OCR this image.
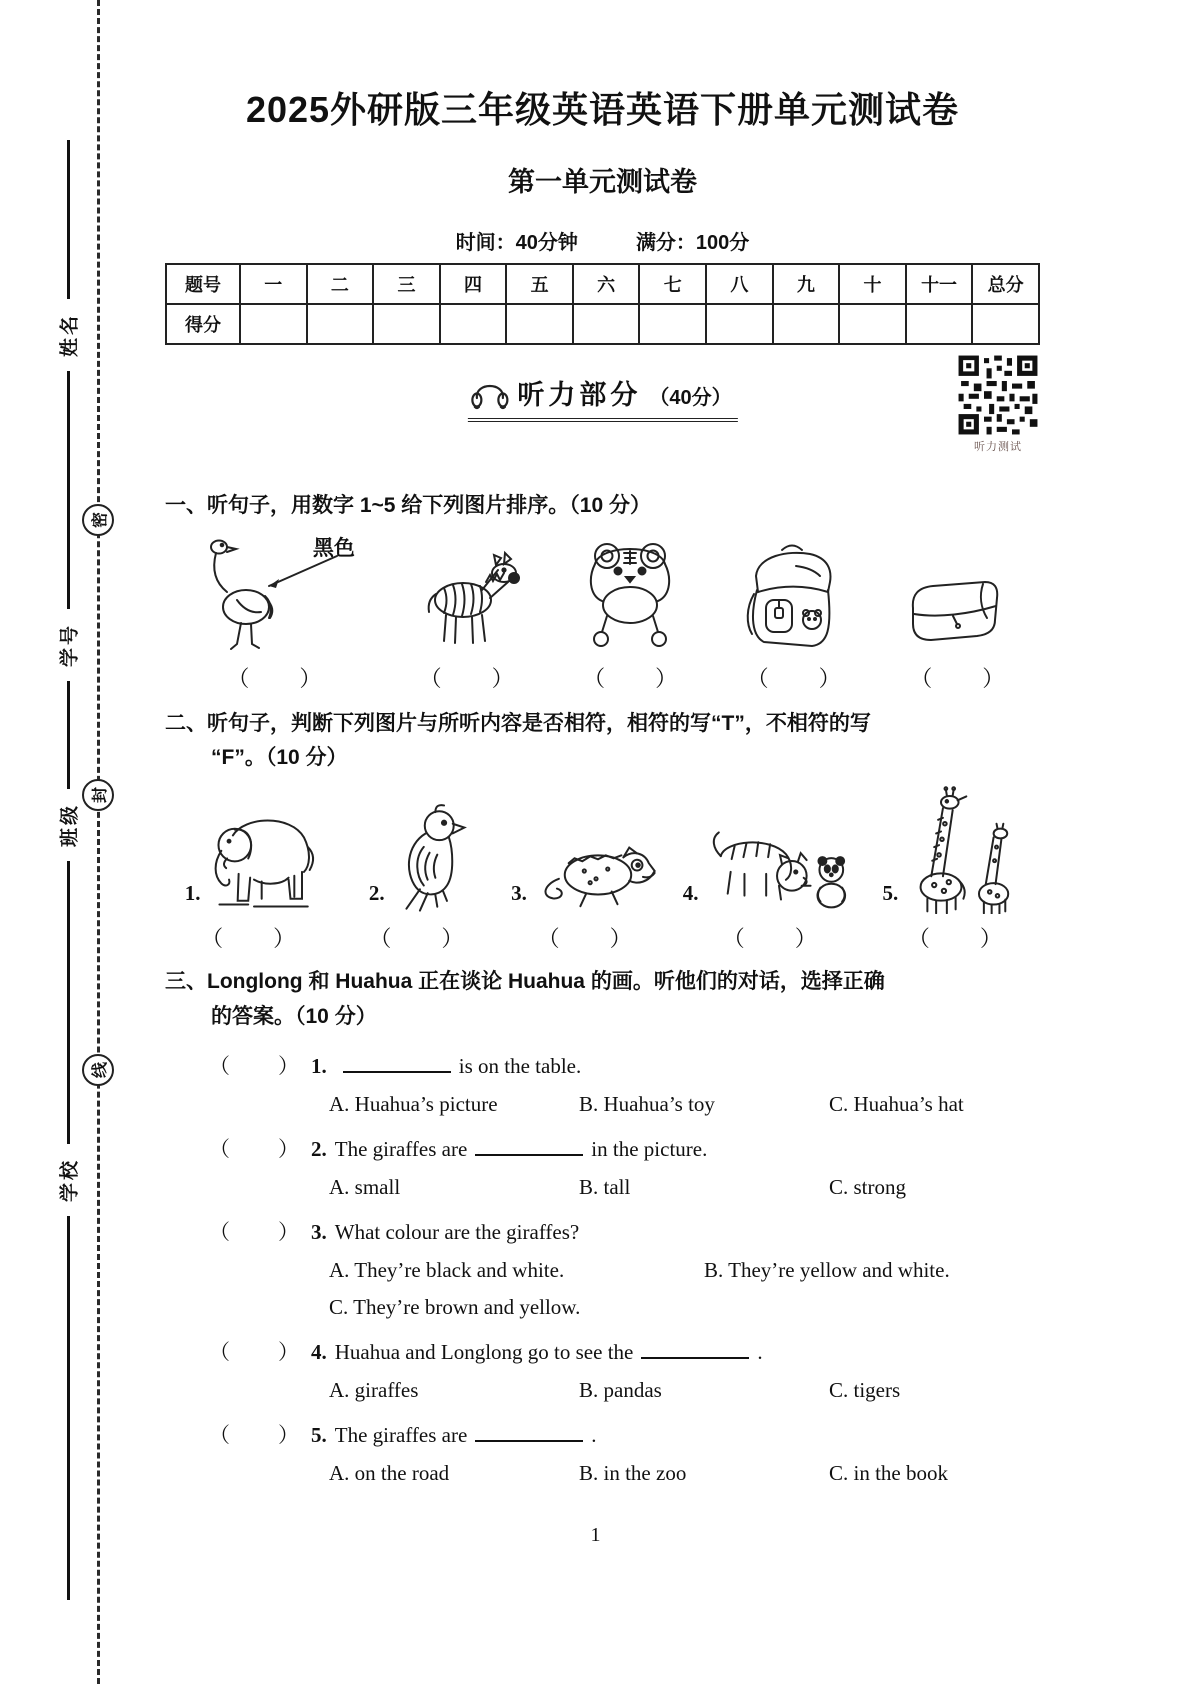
姓名
学号
班级
学校
密
封
线
2025外研版三年级英语英语下册单元测试卷
第一单元测试卷
时间：40分钟	满分：100分
题号	一	二	三	四	五	六	七	八	九	十	十一	总分
得分												
听力部分 （40分）
听力测试
一、听句子，用数字 1~5 给下列图片排序。（10 分）
黑色
（　　）	（　　）	（　　）	（　　）	（　　）
二、听句子，判断下列图片与所听内容是否相符，相符的写“T”，不相符的写
“F”。（10 分）
1.	2.	3.	4.	5.
（　　）	（　　）	（　　）	（　　）	（　　）
三、Longlong 和 Huahua 正在谈论 Huahua 的画。听他们的对话，选择正确
的答案。（10 分）
（　　） 1.	is on the table.
A. Huahua’s picture	B. Huahua’s toy	C. Huahua’s hat
（　　） 2. The giraffes are	in the picture.
A. small	B. tall	C. strong
（　　） 3. What colour are the giraffes?
A. They’re black and white.	B. They’re yellow and white.
C. They’re brown and yellow.
（　　） 4. Huahua and Longlong go to see the	.
A. giraffes	B. pandas	C. tigers
（　　） 5. The giraffes are	.
A. on the road	B. in the zoo	C. in the book
1
